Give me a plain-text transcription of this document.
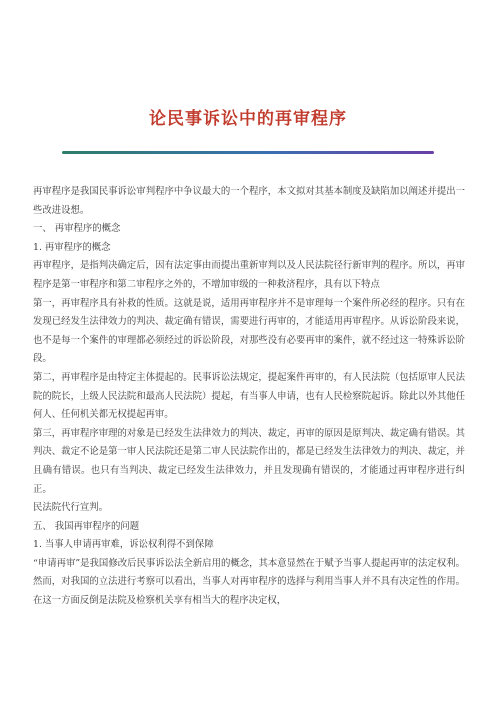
论民事诉讼中的再审程序

再审程序是我国民事诉讼审判程序中争议最大的一个程序，本文拟对其基本制度及缺陷加以阐述并提出一些改进设想。

一、 再审程序的概念

1. 再审程序的概念

再审程序，是指判决确定后，因有法定事由而提出重新审判以及人民法院径行新审判的程序。所以，再审程序是第一审程序和第二审程序之外的，不增加审级的一种救济程序，具有以下特点

第一，再审程序具有补救的性质。这就是说，适用再审程序并不是审理每一个案件所必经的程序。只有在发现已经发生法律效力的判决、裁定确有错误，需要进行再审的，才能适用再审程序。从诉讼阶段来说，也不是每一个案件的审理都必须经过的诉讼阶段，对那些没有必要再审的案件，就不经过这一特殊诉讼阶段。

第二，再审程序是由特定主体提起的。民事诉讼法规定，提起案件再审的，有人民法院（包括原审人民法院的院长，上级人民法院和最高人民法院）提起，有当事人申请，也有人民检察院起诉。除此以外其他任何人、任何机关都无权提起再审。

第三，再审程序审理的对象是已经发生法律效力的判决、裁定，再审的原因是原判决、裁定确有错误。其判决、裁定不论是第一审人民法院还是第二审人民法院作出的，都是已经发生法律效力的判决、裁定，并且确有错误。也只有当判决、裁定已经发生法律效力，并且发现确有错误的，才能通过再审程序进行纠正。

民法院代行宣判。

五、 我国再审程序的问题

1. 当事人申请再审难，诉讼权利得不到保障

“申请再审”是我国修改后民事诉讼法全新启用的概念，其本意显然在于赋予当事人提起再审的法定权利。然而，对我国的立法进行考察可以看出，当事人对再审程序的选择与利用当事人并不具有决定性的作用。在这一方面反倒是法院及检察机关享有相当大的程序决定权，
